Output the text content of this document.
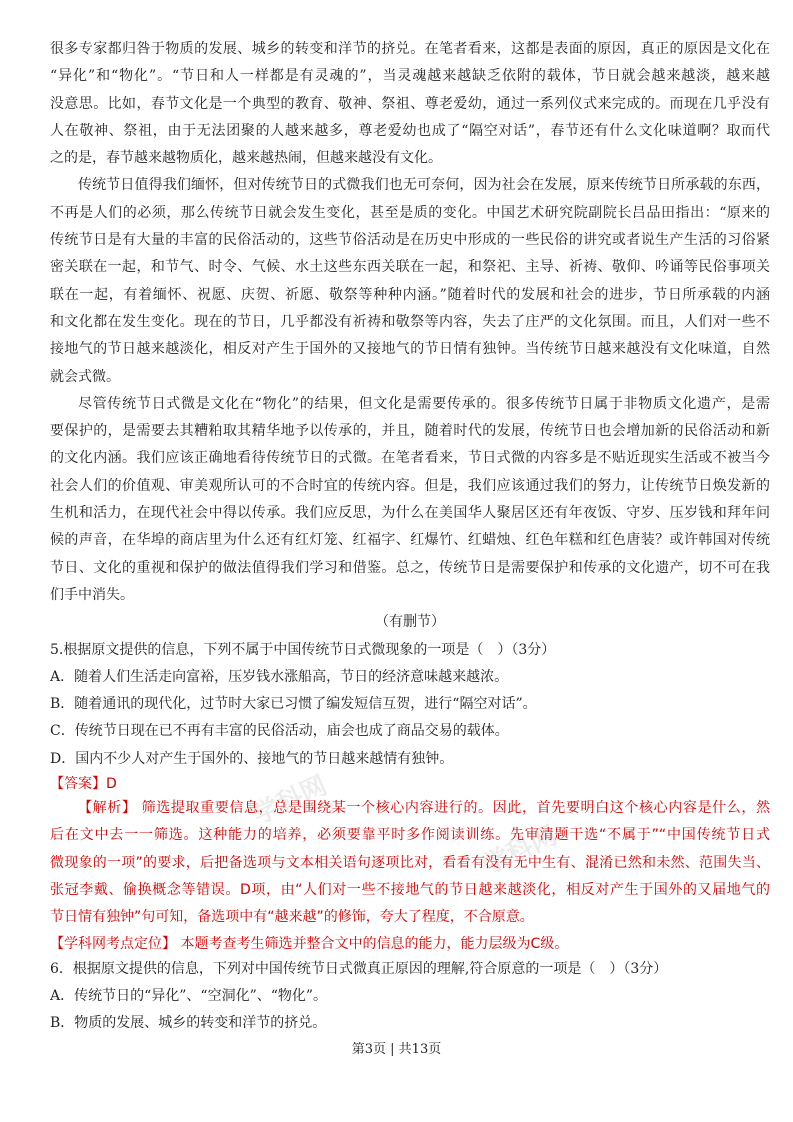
学科网
学科网
很多专家都归咎于物质的发展、城乡的转变和洋节的挤兑。在笔者看来，这都是表面的原因，真正的原因是文化在
“异化”和“物化”。“节日和人一样都是有灵魂的”，当灵魂越来越缺乏依附的载体，节日就会越来越淡，越来越
没意思。比如，春节文化是一个典型的教育、敬神、祭祖、尊老爱幼，通过一系列仪式来完成的。而现在几乎没有
人在敬神、祭祖，由于无法团聚的人越来越多，尊老爱幼也成了“隔空对话”，春节还有什么文化味道啊？取而代
之的是，春节越来越物质化，越来越热闹，但越来越没有文化。
传统节日值得我们缅怀，但对传统节日的式微我们也无可奈何，因为社会在发展，原来传统节日所承载的东西，
不再是人们的必须，那么传统节日就会发生变化，甚至是质的变化。中国艺术研究院副院长吕品田指出：“原来的
传统节日是有大量的丰富的民俗活动的，这些节俗活动是在历史中形成的一些民俗的讲究或者说生产生活的习俗紧
密关联在一起，和节气、时令、气候、水土这些东西关联在一起，和祭祀、主导、祈祷、敬仰、吟诵等民俗事项关
联在一起，有着缅怀、祝愿、庆贺、祈愿、敬祭等种种内涵。”随着时代的发展和社会的进步，节日所承载的内涵
和文化都在发生变化。现在的节日，几乎都没有祈祷和敬祭等内容，失去了庄严的文化氛围。而且，人们对一些不
接地气的节日越来越淡化，相反对产生于国外的又接地气的节日情有独钟。当传统节日越来越没有文化味道，自然
就会式微。
尽管传统节日式微是文化在“物化”的结果，但文化是需要传承的。很多传统节日属于非物质文化遗产，是需
要保护的，是需要去其糟粕取其精华地予以传承的，并且，随着时代的发展，传统节日也会增加新的民俗活动和新
的文化内涵。我们应该正确地看待传统节日的式微。在笔者看来，节日式微的内容多是不贴近现实生活或不被当今
社会人们的价值观、审美观所认可的不合时宜的传统内容。但是，我们应该通过我们的努力，让传统节日焕发新的
生机和活力，在现代社会中得以传承。我们应反思，为什么在美国华人聚居区还有年夜饭、守岁、压岁钱和拜年问
候的声音，在华埠的商店里为什么还有红灯笼、红福字、红爆竹、红蜡烛、红色年糕和红色唐装？或许韩国对传统
节日、文化的重视和保护的做法值得我们学习和借鉴。总之，传统节日是需要保护和传承的文化遗产，切不可在我
们手中消失。
（有删节）
5.根据原文提供的信息，下列不属于中国传统节日式微现象的一项是（　）（3分）
A．随着人们生活走向富裕，压岁钱水涨船高，节日的经济意味越来越浓。
B．随着通讯的现代化，过节时大家已习惯了编发短信互贺，进行“隔空对话”。
C．传统节日现在已不再有丰富的民俗活动，庙会也成了商品交易的载体。
D．国内不少人对产生于国外的、接地气的节日越来越情有独钟。
【答案】D
【解析】 筛选提取重要信息，总是围绕某一个核心内容进行的。因此，首先要明白这个核心内容是什么，然
后在文中去一一筛选。这种能力的培养，必须要靠平时多作阅读训练。先审清题干选“不属于”“中国传统节日式
微现象的一项”的要求，后把备选项与文本相关语句逐项比对，看看有没有无中生有、混淆已然和未然、范围失当、
张冠李戴、偷换概念等错误。D项，由“人们对一些不接地气的节日越来越淡化，相反对产生于国外的又届地气的
节日情有独钟”句可知，备选项中有“越来越”的修饰，夸大了程度，不合原意。
【学科网考点定位】 本题考查考生筛选并整合文中的信息的能力，能力层级为C级。
6．根据原文提供的信息，下列对中国传统节日式微真正原因的理解,符合原意的一项是（　）（3分）
A．传统节日的“异化”、“空洞化”、“物化”。
B．物质的发展、城乡的转变和洋节的挤兑。
第3页 | 共13页
